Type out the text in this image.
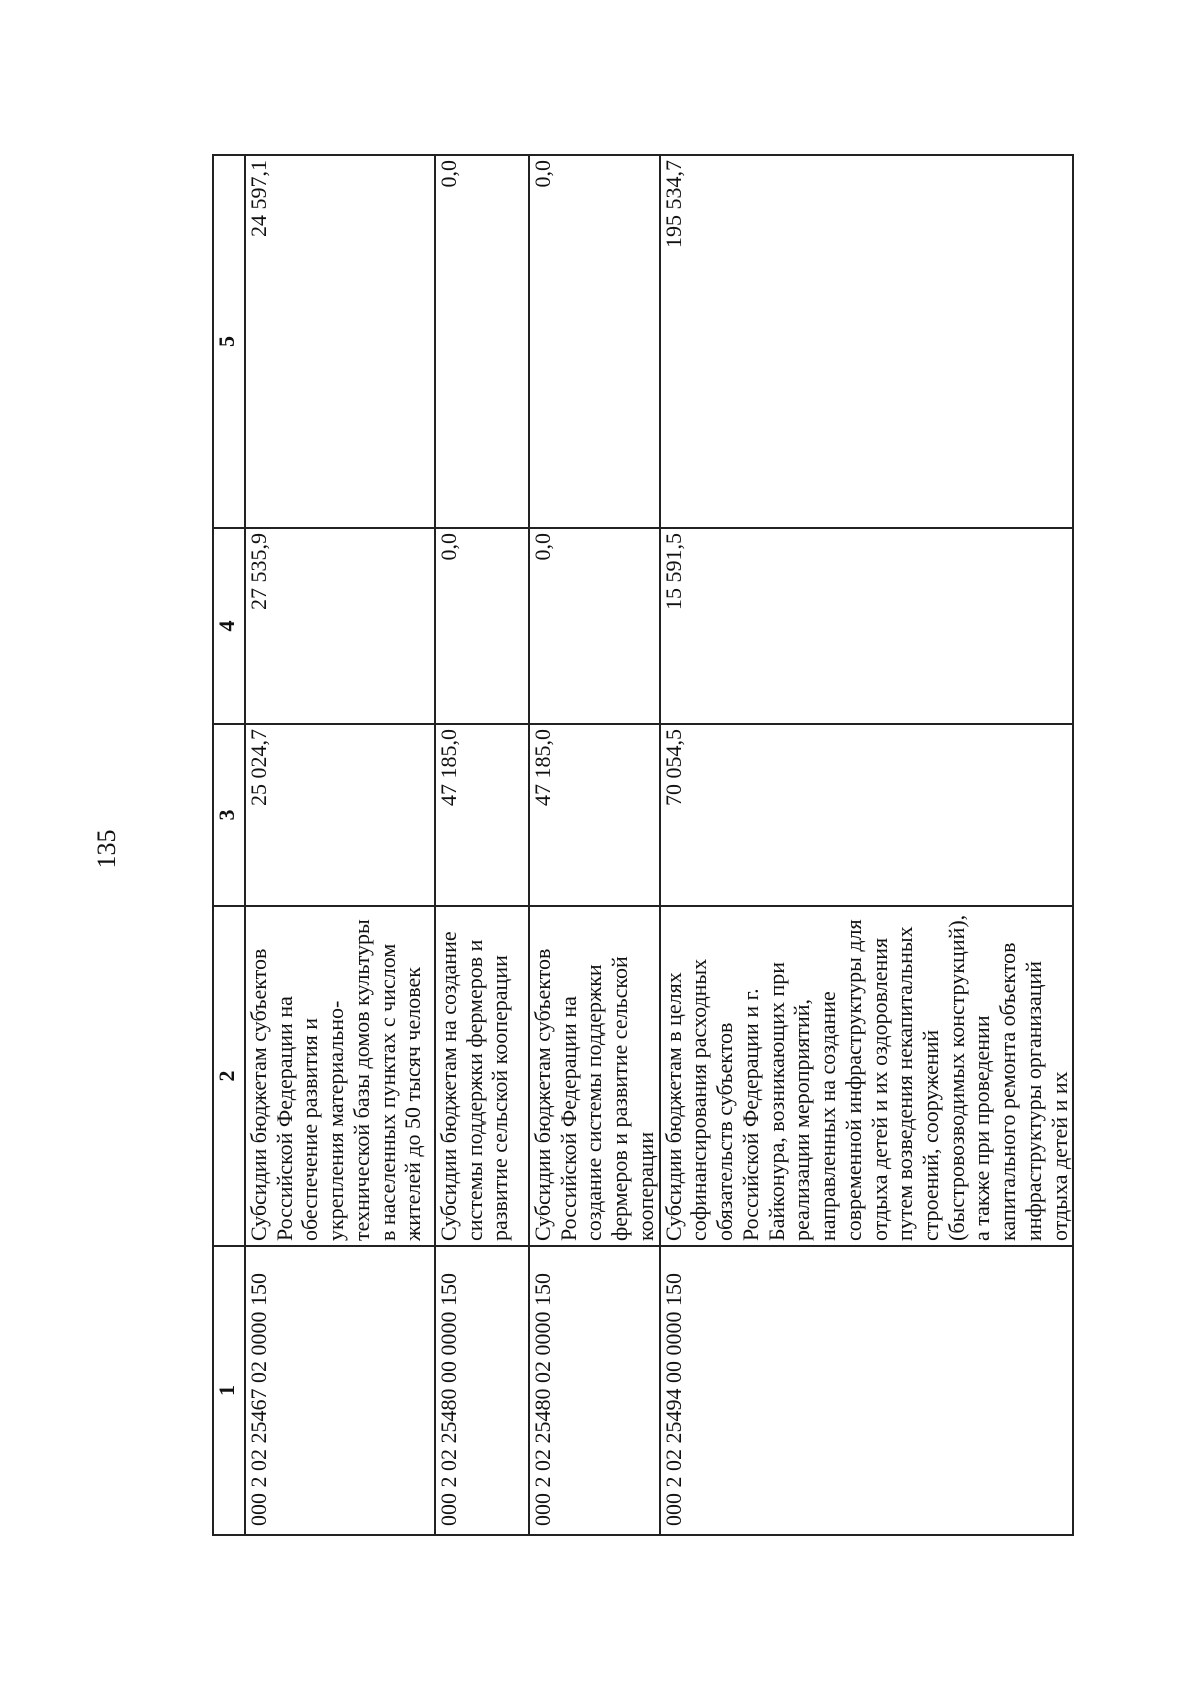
135
1	2	3	4	5
000 2 02 25467 02 0000 150	Субсидии бюджетам субъектов Российской Федерации на обеспечение развития и укрепления материально-технической базы домов культуры в населенных пунктах с числом жителей до 50 тысяч человек	25 024,7	27 535,9	24 597,1
000 2 02 25480 00 0000 150	Субсидии бюджетам на создание системы поддержки фермеров и развитие сельской кооперации	47 185,0	0,0	0,0
000 2 02 25480 02 0000 150	Субсидии бюджетам субъектов Российской Федерации на создание системы поддержки фермеров и развитие сельской кооперации	47 185,0	0,0	0,0
000 2 02 25494 00 0000 150	Субсидии бюджетам в целях софинансирования расходных обязательств субъектов Российской Федерации и г. Байконура, возникающих при реализации мероприятий, направленных на создание современной инфраструктуры для отдыха детей и их оздоровления путем возведения некапитальных строений, сооружений (быстровозводимых конструкций), а также при проведении капитального ремонта объектов инфраструктуры организаций отдыха детей и их	70 054,5	15 591,5	195 534,7
